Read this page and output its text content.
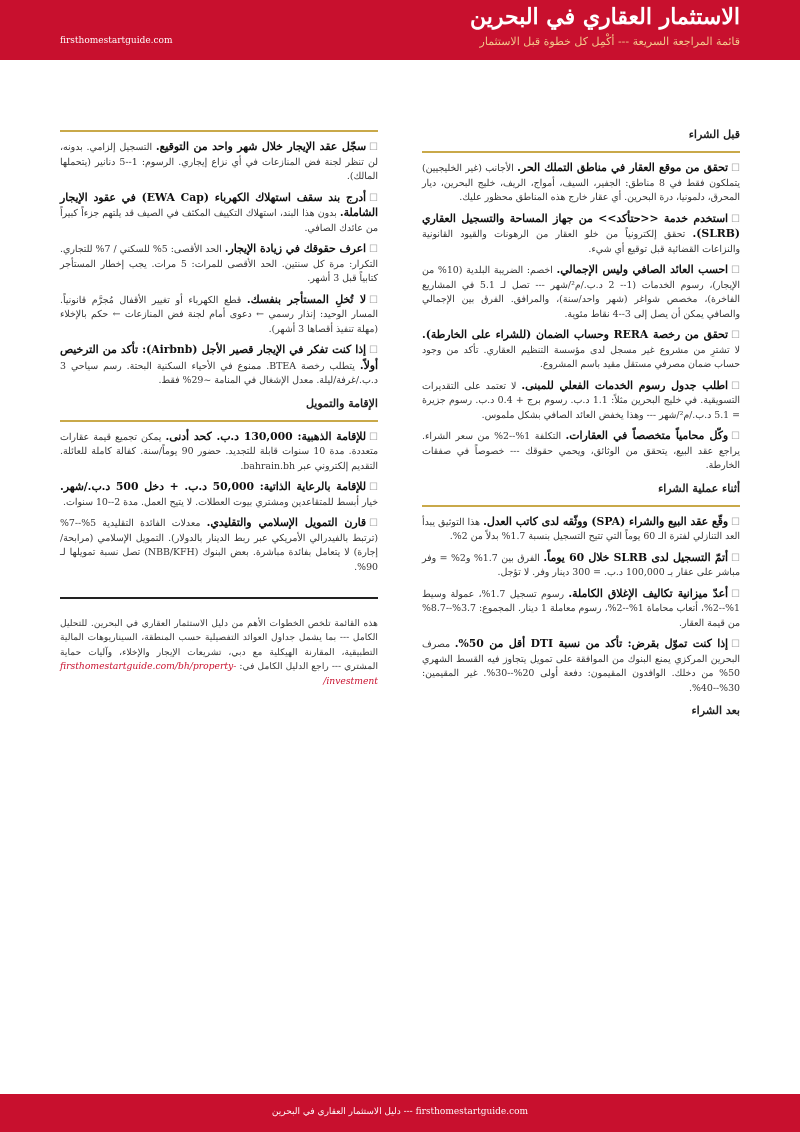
الاستثمار العقاري في البحرين
قائمة المراجعة السريعة --- أكْمِل كل خطوة قبل الاستثمار
firsthomestartguide.com
قبل الشراء

☐تحقق من موقع العقار في مناطق التملك الحر. الأجانب (غير الخليجيين) يتملكون فقط في 8 مناطق: الجفير، السيف، أمواج، الريف، خليج البحرين، ديار المحرق، دلمونيا، درة البحرين. أي عقار خارج هذه المناطق محظور عليك.

☐استخدم خدمة <<حتأكد>> من جهاز المساحة والتسجيل العقاري (SLRB). تحقق إلكترونياً من خلو العقار من الرهونات والقيود القانونية والنزاعات القضائية قبل توقيع أي شيء.

☐احسب العائد الصافي وليس الإجمالي. اخصم: الضريبة البلدية (10% من الإيجار)، رسوم الخدمات (1-- 2 د.ب./م²/شهر --- تصل لـ 5.1 في المشاريع الفاخرة)، مخصص شواغر (شهر واحد/سنة)، والمرافق. الفرق بين الإجمالي والصافي يمكن أن يصل إلى 3--4 نقاط مئوية.

☐تحقق من رخصة RERA وحساب الضمان (للشراء على الخارطة). لا تشترِ من مشروع غير مسجل لدى مؤسسة التنظيم العقاري. تأكد من وجود حساب ضمان مصرفي مستقل مقيد باسم المشروع.

☐اطلب جدول رسوم الخدمات الفعلي للمبنى. لا تعتمد على التقديرات التسويقية. في خليج البحرين مثلاً: 1.1 د.ب. رسوم برج + 0.4 د.ب. رسوم جزيرة = 5.1 د.ب./م²/شهر --- وهذا يخفض العائد الصافي بشكل ملموس.

☐وكّل محامياً متخصصاً في العقارات. التكلفة 1%--2% من سعر الشراء. يراجع عقد البيع، يتحقق من الوثائق، ويحمي حقوقك --- خصوصاً في صفقات الخارطة.

أثناء عملية الشراء

☐وقّع عقد البيع والشراء (SPA) ووثّقه لدى كاتب العدل. هذا التوثيق يبدأ العد التنازلي لفترة الـ 60 يوماً التي تتيح التسجيل بنسبة 1.7% بدلاً من 2%.

☐أتمّ التسجيل لدى SLRB خلال 60 يوماً. الفرق بين 1.7% و2% = وفر مباشر على عقار بـ 100,000 د.ب. = 300 دينار وفر. لا تؤجل.

☐أعدّ ميزانية تكاليف الإغلاق الكاملة. رسوم تسجيل 1.7%، عمولة وسيط 1%--2%، أتعاب محاماة 1%--2%، رسوم معاملة 1 دينار. المجموع: 3.7%--8.7% من قيمة العقار.

☐إذا كنت تموّل بقرض: تأكد من نسبة DTI أقل من 50%. مصرف البحرين المركزي يمنع البنوك من الموافقة على تمويل يتجاوز فيه القسط الشهري 50% من دخلك. الوافدون المقيمون: دفعة أولى 20%--30%. غير المقيمين: 30%--40%.

بعد الشراء

☐سجّل عقد الإيجار خلال شهر واحد من التوقيع. التسجيل إلزامي. بدونه، لن تنظر لجنة فض المنازعات في أي نزاع إيجاري. الرسوم: 1--5 دنانير (يتحملها المالك).

☐أدرج بند سقف استهلاك الكهرباء (EWA Cap) في عقود الإيجار الشاملة. بدون هذا البند، استهلاك التكييف المكثف في الصيف قد يلتهم جزءاً كبيراً من عائدك الصافي.

☐اعرف حقوقك في زيادة الإيجار. الحد الأقصى: 5% للسكني / 7% للتجاري. التكرار: مرة كل سنتين. الحد الأقصى للمرات: 5 مرات. يجب إخطار المستأجر كتابياً قبل 3 أشهر.

☐لا تُخلِ المستأجر بنفسك. قطع الكهرباء أو تغيير الأقفال مُجرَّم قانونياً. المسار الوحيد: إنذار رسمي ← دعوى أمام لجنة فض المنازعات ← حكم بالإخلاء (مهلة تنفيذ أقصاها 3 أشهر).

☐إذا كنت تفكر في الإيجار قصير الأجل (Airbnb): تأكد من الترخيص أولاً. يتطلب رخصة BTEA. ممنوع في الأحياء السكنية البحتة. رسم سياحي 3 د.ب./غرفة/ليلة. معدل الإشغال في المنامة ~29% فقط.

الإقامة والتمويل

☐للإقامة الذهبية: 130,000 د.ب. كحد أدنى. يمكن تجميع قيمة عقارات متعددة. مدة 10 سنوات قابلة للتجديد. حضور 90 يوماً/سنة. كفالة كاملة للعائلة. التقديم إلكتروني عبر bahrain.bh.

☐للإقامة بالرعاية الذاتية: 50,000 د.ب. + دخل 500 د.ب./شهر. خيار أبسط للمتقاعدين ومشتري بيوت العطلات. لا يتيح العمل. مدة 2--10 سنوات.

☐قارن التمويل الإسلامي والتقليدي. معدلات الفائدة التقليدية 5%--7% (ترتبط بالفيدرالي الأمريكي عبر ربط الدينار بالدولار). التمويل الإسلامي (مرابحة/إجارة) لا يتعامل بفائدة مباشرة. بعض البنوك (NBB/KFH) تصل نسبة تمويلها لـ 90%.

هذه القائمة تلخص الخطوات الأهم من دليل الاستثمار العقاري في البحرين. للتحليل الكامل --- بما يشمل جداول العوائد التفصيلية حسب المنطقة، السيناريوهات المالية التطبيقية، المقارنة الهيكلية مع دبي، تشريعات الإيجار والإخلاء، وآليات حماية المشتري --- راجع الدليل الكامل في: firsthomestartguide.com/bh/property-investment/
firsthomestartguide.com --- دليل الاستثمار العقاري في البحرين
